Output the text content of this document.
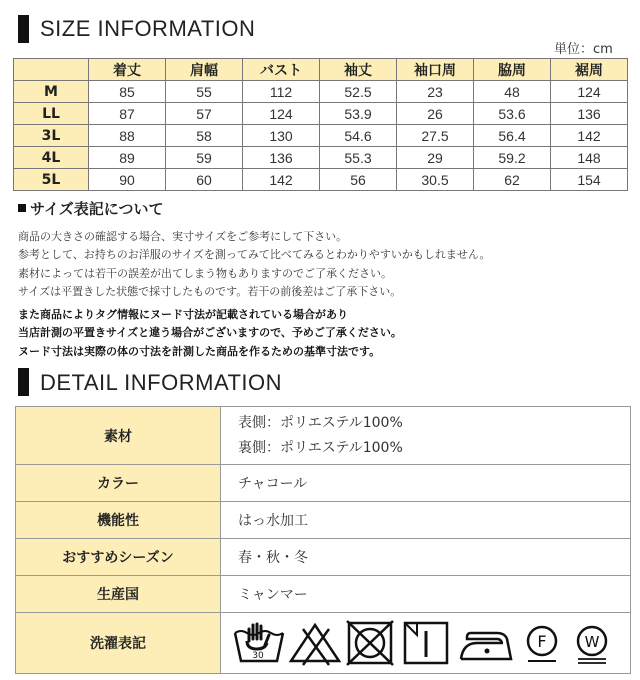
SIZE INFORMATION
単位：cm
	着丈	肩幅	バスト	袖丈	袖口周	脇周	裾周
M	85	55	112	52.5	23	48	124
LL	87	57	124	53.9	26	53.6	136
3L	88	58	130	54.6	27.5	56.4	142
4L	89	59	136	55.3	29	59.2	148
5L	90	60	142	56	30.5	62	154
サイズ表記について
商品の大きさの確認する場合、実寸サイズをご参考にして下さい。
参考として、お持ちのお洋服のサイズを測ってみて比べてみるとわかりやすいかもしれません。
素材によっては若干の誤差が出てしまう物もありますのでご了承ください。
サイズは平置きした状態で採寸したものです。若干の前後差はご了承下さい。
また商品によりタグ情報にヌード寸法が記載されている場合があり
当店計測の平置きサイズと違う場合がございますので、予めご了承ください。
ヌード寸法は実際の体の寸法を計測した商品を作るための基準寸法です。
DETAIL INFORMATION
素材	表側：ポリエステル100%
裏側：ポリエステル100%

カラー	チャコール
機能性	はっ水加工
おすすめシーズン	春・秋・冬
生産国	ミャンマー
洗濯表記	30
F W
